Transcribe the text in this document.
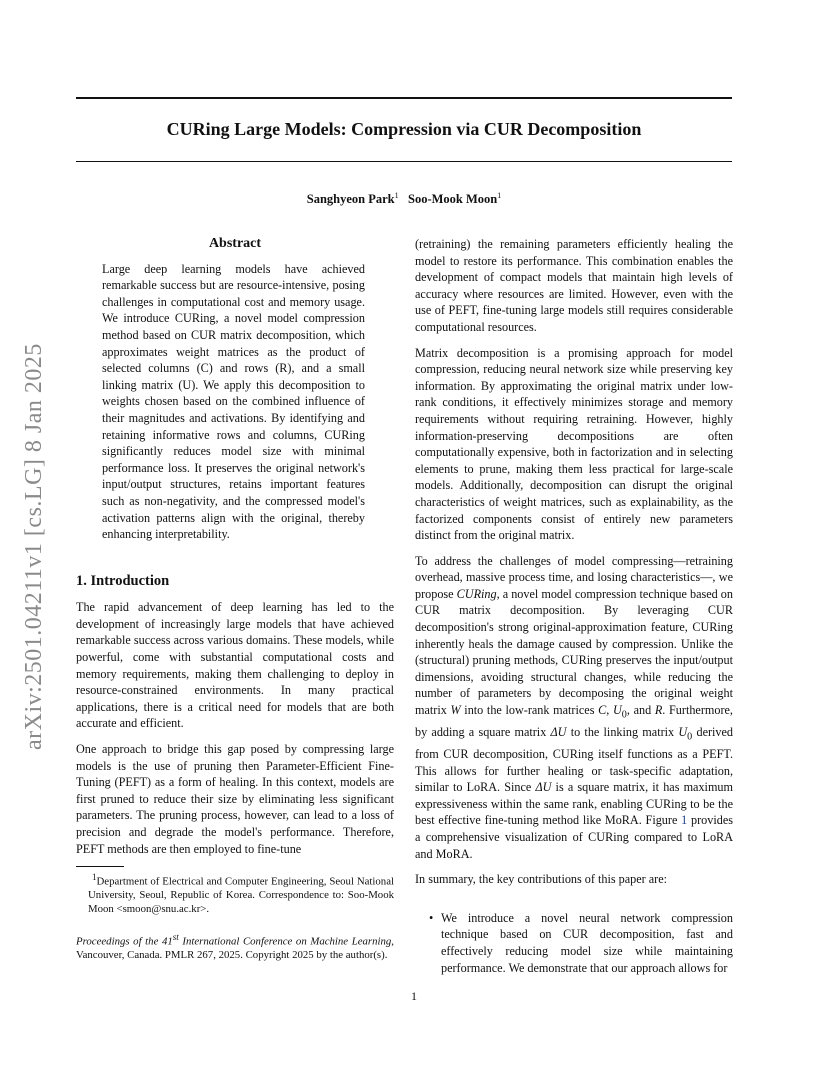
CURing Large Models: Compression via CUR Decomposition
Sanghyeon Park$^1$ Soo-Mook Moon$^1$
arXiv:2501.04211v1 [cs.LG] 8 Jan 2025
Abstract
Large deep learning models have achieved remarkable success but are resource-intensive, posing challenges in computational cost and memory usage. We introduce CURing, a novel model compression method based on CUR matrix decomposition, which approximates weight matrices as the product of selected columns (C) and rows (R), and a small linking matrix (U). We apply this decomposition to weights chosen based on the combined influence of their magnitudes and activations. By identifying and retaining informative rows and columns, CURing significantly reduces model size with minimal performance loss. It preserves the original network's input/output structures, retains important features such as non-negativity, and the compressed model's activation patterns align with the original, thereby enhancing interpretability.
1. Introduction

The rapid advancement of deep learning has led to the development of increasingly large models that have achieved remarkable success across various domains. These models, while powerful, come with substantial computational costs and memory requirements, making them challenging to deploy in resource-constrained environments. In many practical applications, there is a critical need for models that are both accurate and efficient.

One approach to bridge this gap posed by compressing large models is the use of pruning then Parameter-Efficient Fine-Tuning (PEFT) as a form of healing. In this context, models are first pruned to reduce their size by eliminating less significant parameters. The pruning process, however, can lead to a loss of precision and degrade the model's performance. Therefore, PEFT methods are then employed to fine-tune

$^1$Department of Electrical and Computer Engineering, Seoul National University, Seoul, Republic of Korea. Correspondence to: Soo-Mook Moon <smoon@snu.ac.kr>.
Proceedings of the 41st International Conference on Machine Learning, Vancouver, Canada. PMLR 267, 2025. Copyright 2025 by the author(s).

(retraining) the remaining parameters efficiently healing the model to restore its performance. This combination enables the development of compact models that maintain high levels of accuracy where resources are limited. However, even with the use of PEFT, fine-tuning large models still requires considerable computational resources.

Matrix decomposition is a promising approach for model compression, reducing neural network size while preserving key information. By approximating the original matrix under low-rank conditions, it effectively minimizes storage and memory requirements without requiring retraining. However, highly information-preserving decompositions are often computationally expensive, both in factorization and in selecting elements to prune, making them less practical for large-scale models. Additionally, decomposition can disrupt the original characteristics of weight matrices, such as explainability, as the factorized components consist of entirely new parameters distinct from the original matrix.

To address the challenges of model compressing—retraining overhead, massive process time, and losing characteristics—, we propose CURing, a novel model compression technique based on CUR matrix decomposition. By leveraging CUR decomposition's strong original-approximation feature, CURing inherently heals the damage caused by compression. Unlike the (structural) pruning methods, CURing preserves the input/output dimensions, avoiding structural changes, while reducing the number of parameters by decomposing the original weight matrix W into the low-rank matrices C, $U_0$, and R. Furthermore, by adding a square matrix ΔU to the linking matrix $U_0$ derived from CUR decomposition, CURing itself functions as a PEFT. This allows for further healing or task-specific adaptation, similar to LoRA. Since ΔU is a square matrix, it has maximum expressiveness within the same rank, enabling CURing to be the best effective fine-tuning method like MoRA. Figure 1 provides a comprehensive visualization of CURing compared to LoRA and MoRA.

In summary, the key contributions of this paper are:

• We introduce a novel neural network compression technique based on CUR decomposition, fast and effectively reducing model size while maintaining performance. We demonstrate that our approach allows for
1
